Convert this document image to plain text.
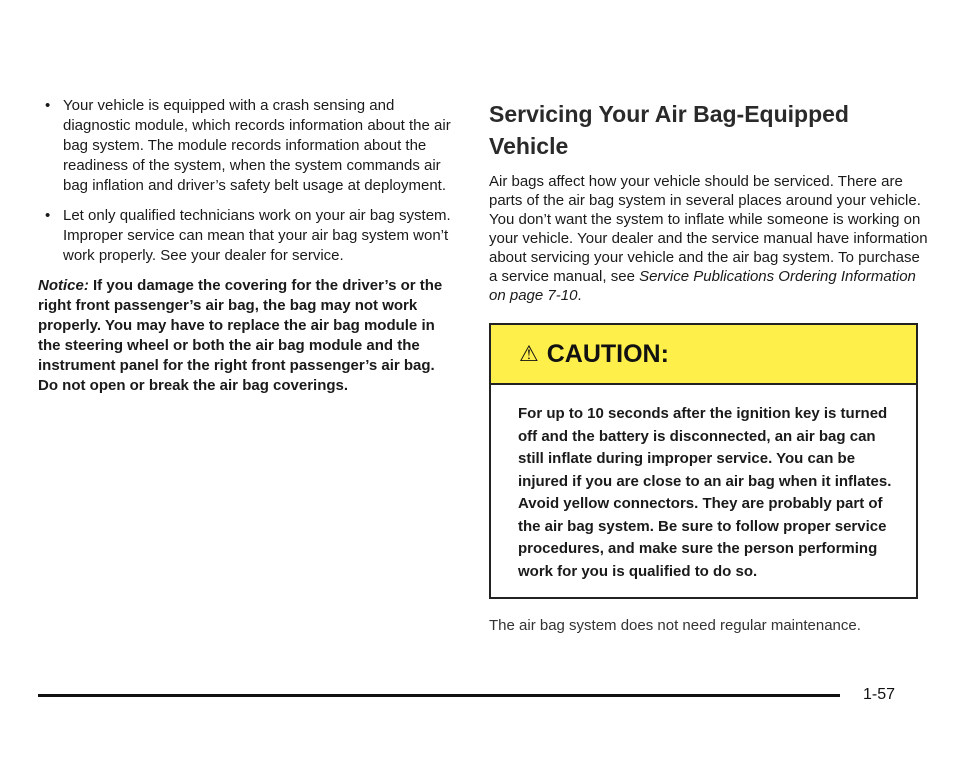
• Your vehicle is equipped with a crash sensing and diagnostic module, which records information about the air bag system. The module records information about the readiness of the system, when the system commands air bag inflation and driver’s safety belt usage at deployment.
• Let only qualified technicians work on your air bag system. Improper service can mean that your air bag system won’t work properly. See your dealer for service.
Notice: If you damage the covering for the driver’s or the right front passenger’s air bag, the bag may not work properly. You may have to replace the air bag module in the steering wheel or both the air bag module and the instrument panel for the right front passenger’s air bag. Do not open or break the air bag coverings.
Servicing Your Air Bag-Equipped Vehicle

Air bags affect how your vehicle should be serviced. There are parts of the air bag system in several places around your vehicle. You don’t want the system to inflate while someone is working on your vehicle. Your dealer and the service manual have information about servicing your vehicle and the air bag system. To purchase a service manual, see Service Publications Ordering Information on page 7-10.

⚠ CAUTION:
For up to 10 seconds after the ignition key is turned off and the battery is disconnected, an air bag can still inflate during improper service. You can be injured if you are close to an air bag when it inflates. Avoid yellow connectors. They are probably part of the air bag system. Be sure to follow proper service procedures, and make sure the person performing work for you is qualified to do so.
The air bag system does not need regular maintenance.
1-57
